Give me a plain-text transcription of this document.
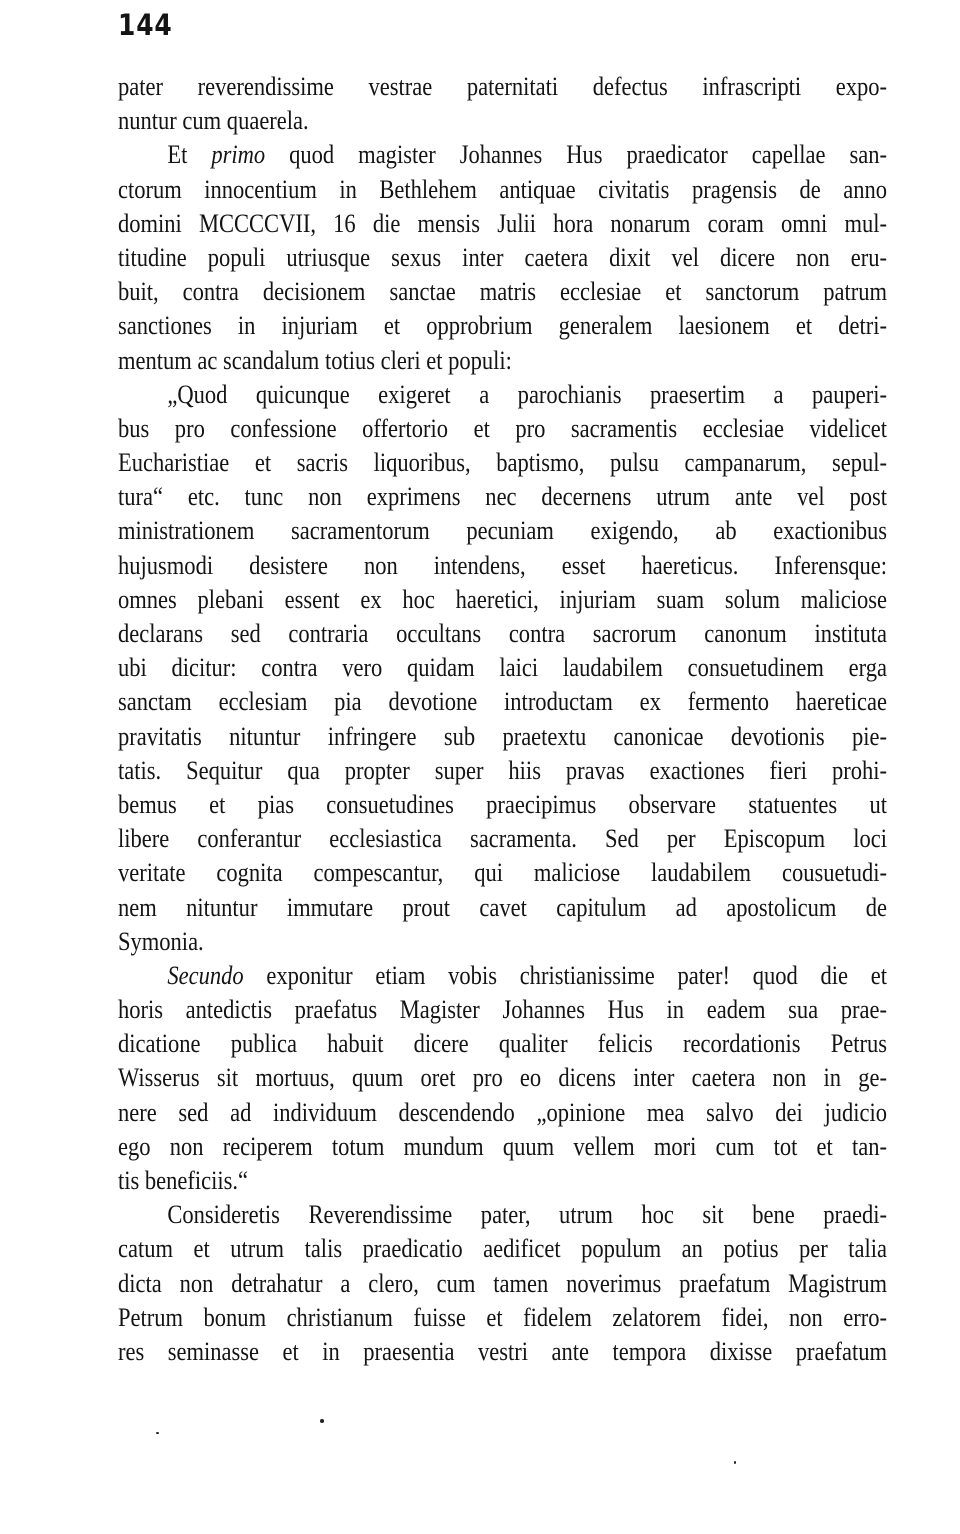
144
pater reverendissime vestrae paternitati defectus infrascripti expo-
nuntur cum quaerela.
Et primo quod magister Johannes Hus praedicator capellae san-
ctorum innocentium in Bethlehem antiquae civitatis pragensis de anno
domini MCCCCVII, 16 die mensis Julii hora nonarum coram omni mul-
titudine populi utriusque sexus inter caetera dixit vel dicere non eru-
buit, contra decisionem sanctae matris ecclesiae et sanctorum patrum
sanctiones in injuriam et opprobrium generalem laesionem et detri-
mentum ac scandalum totius cleri et populi:
„Quod quicunque exigeret a parochianis praesertim a pauperi-
bus pro confessione offertorio et pro sacramentis ecclesiae videlicet
Eucharistiae et sacris liquoribus, baptismo, pulsu campanarum, sepul-
tura“ etc. tunc non exprimens nec decernens utrum ante vel post
ministrationem sacramentorum pecuniam exigendo, ab exactionibus
hujusmodi desistere non intendens, esset haereticus. Inferensque:
omnes plebani essent ex hoc haeretici, injuriam suam solum maliciose
declarans sed contraria occultans contra sacrorum canonum instituta
ubi dicitur: contra vero quidam laici laudabilem consuetudinem erga
sanctam ecclesiam pia devotione introductam ex fermento haereticae
pravitatis nituntur infringere sub praetextu canonicae devotionis pie-
tatis. Sequitur qua propter super hiis pravas exactiones fieri prohi-
bemus et pias consuetudines praecipimus observare statuentes ut
libere conferantur ecclesiastica sacramenta. Sed per Episcopum loci
veritate cognita compescantur, qui maliciose laudabilem cousuetudi-
nem nituntur immutare prout cavet capitulum ad apostolicum de
Symonia.
Secundo exponitur etiam vobis christianissime pater! quod die et
horis antedictis praefatus Magister Johannes Hus in eadem sua prae-
dicatione publica habuit dicere qualiter felicis recordationis Petrus
Wisserus sit mortuus, quum oret pro eo dicens inter caetera non in ge-
nere sed ad individuum descendendo „opinione mea salvo dei judicio
ego non reciperem totum mundum quum vellem mori cum tot et tan-
tis beneficiis.“
Consideretis Reverendissime pater, utrum hoc sit bene praedi-
catum et utrum talis praedicatio aedificet populum an potius per talia
dicta non detrahatur a clero, cum tamen noverimus praefatum Magistrum
Petrum bonum christianum fuisse et fidelem zelatorem fidei, non erro-
res seminasse et in praesentia vestri ante tempora dixisse praefatum
